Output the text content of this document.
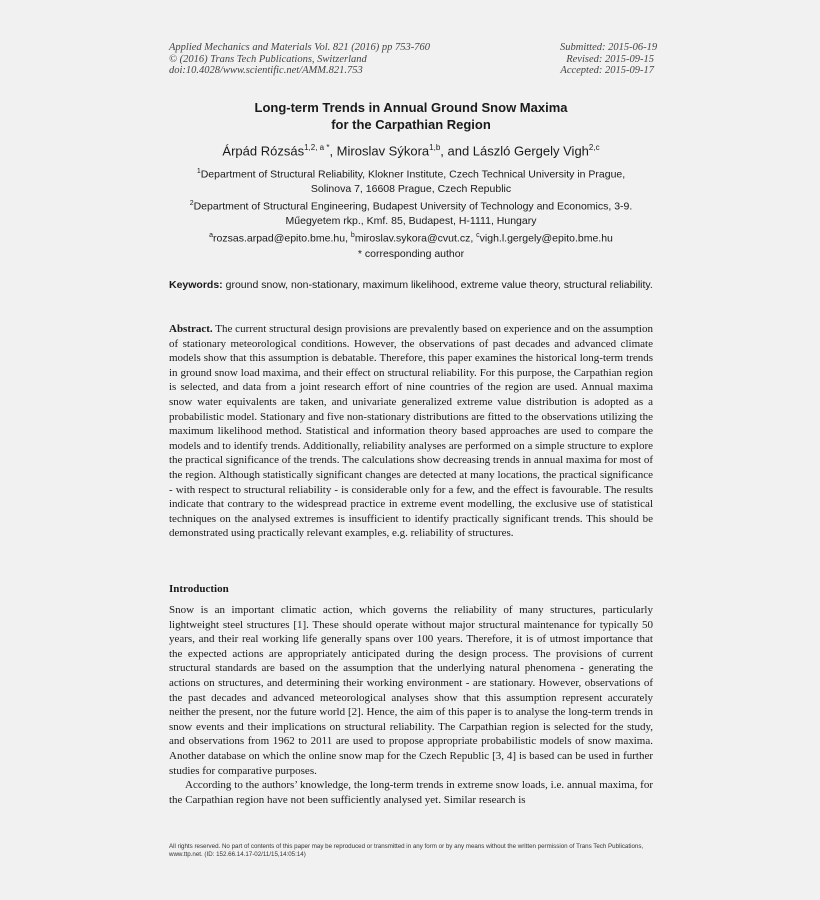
Applied Mechanics and Materials Vol. 821 (2016) pp 753-760
© (2016) Trans Tech Publications, Switzerland
doi:10.4028/www.scientific.net/AMM.821.753
Submitted: 2015-06-19
Revised: 2015-09-15
Accepted: 2015-09-17
Long-term Trends in Annual Ground Snow Maxima
for the Carpathian Region
Árpád Rózsás$^{1,2, a *}$, Miroslav Sýkora$^{1,b}$, and László Gergely Vigh$^{2,c}$
$^1$Department of Structural Reliability, Klokner Institute, Czech Technical University in Prague,
Solinova 7, 16608 Prague, Czech Republic
$^2$Department of Structural Engineering, Budapest University of Technology and Economics, 3-9.
Műegyetem rkp., Kmf. 85, Budapest, H-1111, Hungary
$^a$rozsas.arpad@epito.bme.hu, $^b$miroslav.sykora@cvut.cz, $^c$vigh.l.gergely@epito.bme.hu
* corresponding author
Keywords: ground snow, non-stationary, maximum likelihood, extreme value theory, structural reliability.
Abstract. The current structural design provisions are prevalently based on experience and on the assumption of stationary meteorological conditions. However, the observations of past decades and advanced climate models show that this assumption is debatable. Therefore, this paper examines the historical long-term trends in ground snow load maxima, and their effect on structural reliability. For this purpose, the Carpathian region is selected, and data from a joint research effort of nine countries of the region are used. Annual maxima snow water equivalents are taken, and univariate generalized extreme value distribution is adopted as a probabilistic model. Stationary and five non-stationary distributions are fitted to the observations utilizing the maximum likelihood method. Statistical and information theory based approaches are used to compare the models and to identify trends. Additionally, reliability analyses are performed on a simple structure to explore the practical significance of the trends. The calculations show decreasing trends in annual maxima for most of the region. Although statistically significant changes are detected at many locations, the practical significance - with respect to structural reliability - is considerable only for a few, and the effect is favourable. The results indicate that contrary to the widespread practice in extreme event modelling, the exclusive use of statistical techniques on the analysed extremes is insufficient to identify practically significant trends. This should be demonstrated using practically relevant examples, e.g. reliability of structures.
Introduction

Snow is an important climatic action, which governs the reliability of many structures, particularly lightweight steel structures [1]. These should operate without major structural maintenance for typically 50 years, and their real working life generally spans over 100 years. Therefore, it is of utmost importance that the expected actions are appropriately anticipated during the design process. The provisions of current structural standards are based on the assumption that the underlying natural phenomena - generating the actions on structures, and determining their working environment - are stationary. However, observations of the past decades and advanced meteorological analyses show that this assumption represent accurately neither the present, nor the future world [2]. Hence, the aim of this paper is to analyse the long-term trends in snow events and their implications on structural reliability. The Carpathian region is selected for the study, and observations from 1962 to 2011 are used to propose appropriate probabilistic models of snow maxima. Another database on which the online snow map for the Czech Republic [3, 4] is based can be used in further studies for comparative purposes.

According to the authors’ knowledge, the long-term trends in extreme snow loads, i.e. annual maxima, for the Carpathian region have not been sufficiently analysed yet. Similar research is

All rights reserved. No part of contents of this paper may be reproduced or transmitted in any form or by any means without the written permission of Trans Tech Publications, www.ttp.net. (ID: 152.66.14.17-02/11/15,14:05:14)
